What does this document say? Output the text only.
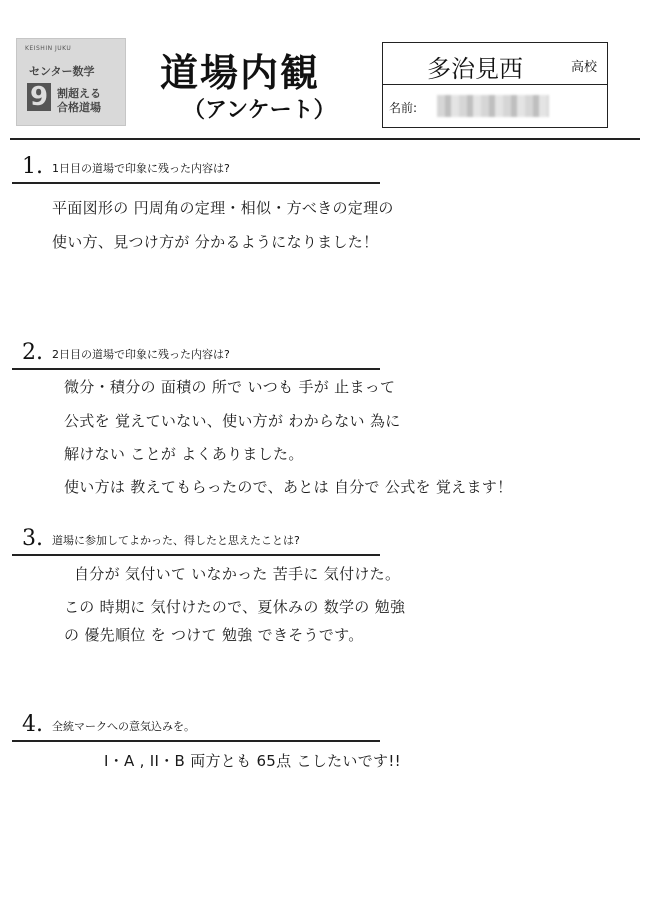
KEISHIN JUKU
センター数学
9 割超える
合格道場
道場内観
（アンケート）
多治見西	高校
名前:
1. 1日目の道場で印象に残った内容は?
平面図形の 円周角の定理・相似・方べきの定理の
使い方、見つけ方が 分かるようになりました！
2. 2日目の道場で印象に残った内容は?
微分・積分の 面積の 所で いつも 手が 止まって
公式を 覚えていない、使い方が わからない 為に
解けない ことが よくありました。
使い方は 教えてもらったので、あとは 自分で 公式を 覚えます！
3. 道場に参加してよかった、得したと思えたことは?
自分が 気付いて いなかった 苦手に 気付けた。
この 時期に 気付けたので、夏休みの 数学の 勉強
の 優先順位 を つけて 勉強 できそうです。
4. 全統マークへの意気込みを。
I・A , II・B 両方とも 65点 こしたいです!!
